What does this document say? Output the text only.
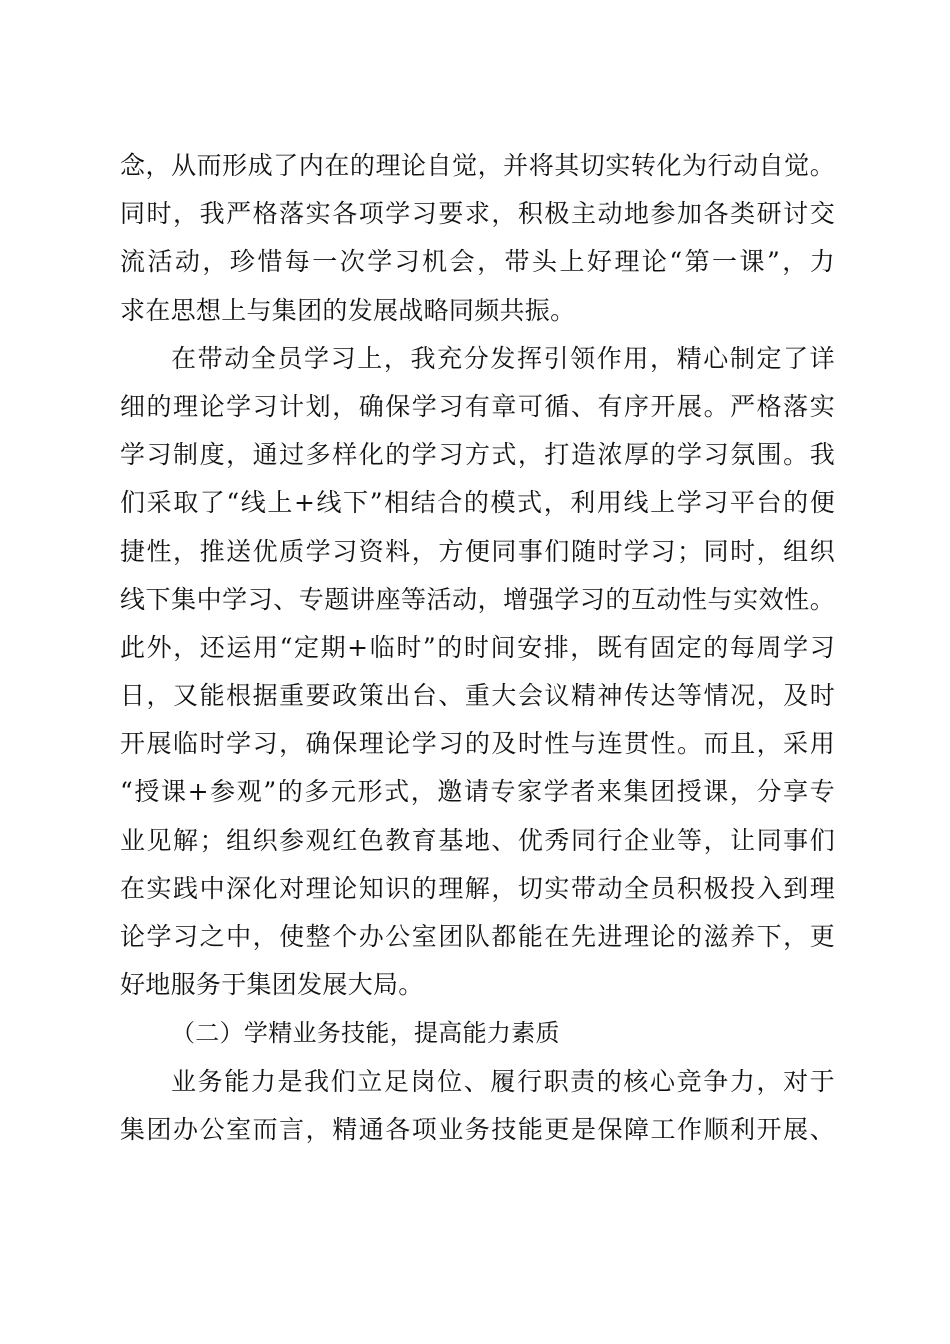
念，从而形成了内在的理论自觉，并将其切实转化为行动自觉。
同时，我严格落实各项学习要求，积极主动地参加各类研讨交
流活动，珍惜每一次学习机会，带头上好理论“第一课”，力
求在思想上与集团的发展战略同频共振。
在带动全员学习上，我充分发挥引领作用，精心制定了详
细的理论学习计划，确保学习有章可循、有序开展。严格落实
学习制度，通过多样化的学习方式，打造浓厚的学习氛围。我
们采取了“线上+线下”相结合的模式，利用线上学习平台的便
捷性，推送优质学习资料，方便同事们随时学习；同时，组织
线下集中学习、专题讲座等活动，增强学习的互动性与实效性。
此外，还运用“定期+临时”的时间安排，既有固定的每周学习
日，又能根据重要政策出台、重大会议精神传达等情况，及时
开展临时学习，确保理论学习的及时性与连贯性。而且，采用
“授课+参观”的多元形式，邀请专家学者来集团授课，分享专
业见解；组织参观红色教育基地、优秀同行企业等，让同事们
在实践中深化对理论知识的理解，切实带动全员积极投入到理
论学习之中，使整个办公室团队都能在先进理论的滋养下，更
好地服务于集团发展大局。
（二）学精业务技能，提高能力素质
业务能力是我们立足岗位、履行职责的核心竞争力，对于
集团办公室而言，精通各项业务技能更是保障工作顺利开展、
